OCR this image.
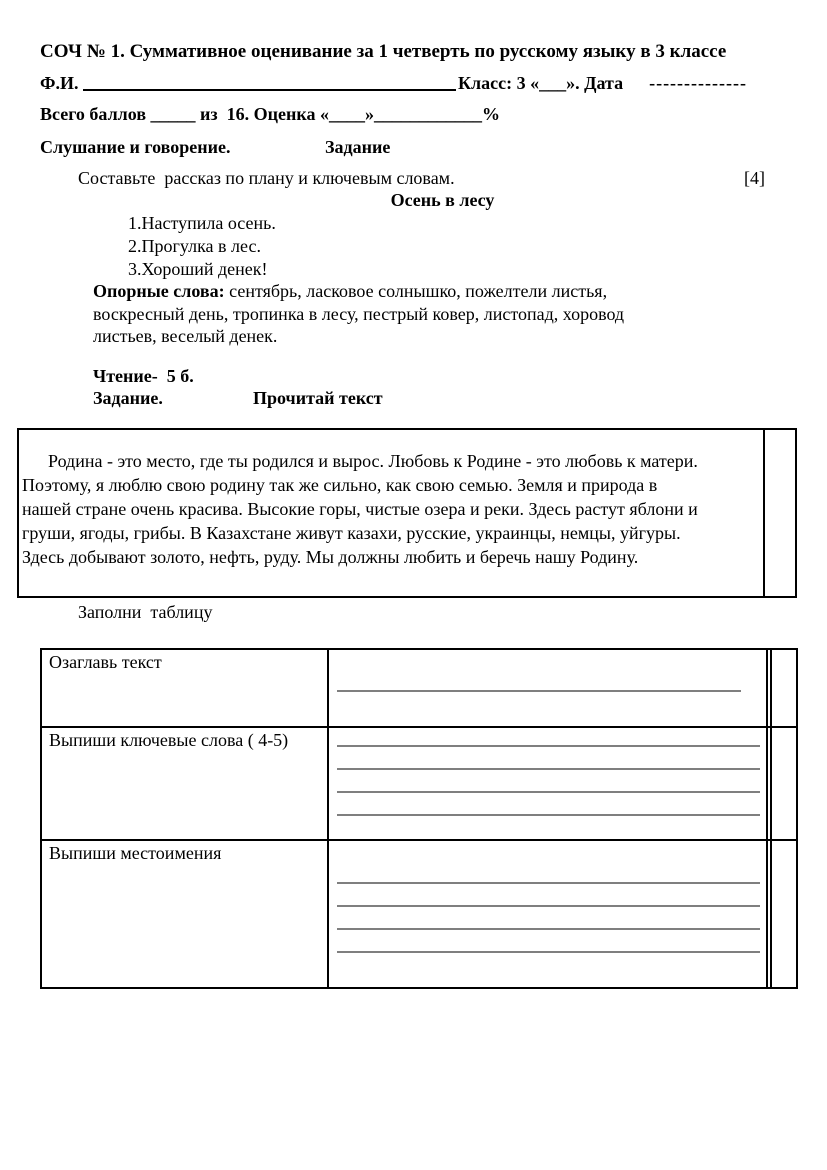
СОЧ № 1. Суммативное оценивание за 1 четверть по русскому языку в 3 классе
Ф.И.	Класс: 3 «___». Дата --------------
Всего баллов _____ из  16. Оценка «____»____________%
Слушание и говорение.	Задание
Составьте  рассказ по плану и ключевым словам.	[4]
Осень в лесу
1.Наступила осень.
2.Прогулка в лес.
3.Хороший денек!
Опорные слова: сентябрь, ласковое солнышко, пожелтели листья,
воскресный день, тропинка в лесу, пестрый ковер, листопад, хоровод
листьев, веселый денек.
Чтение-  5 б.
Задание.	Прочитай текст
Родина - это место, где ты родился и вырос. Любовь к Родине - это любовь к матери.
Поэтому, я люблю свою родину так же сильно, как свою семью. Земля и природа в
нашей стране очень красива. Высокие горы, чистые озера и реки. Здесь растут яблони и
груши, ягоды, грибы. В Казахстане живут казахи, русские, украинцы, немцы, уйгуры.
Здесь добывают золото, нефть, руду. Мы должны любить и беречь нашу Родину.
Заполни  таблицу
Озаглавь текст
Выпиши ключевые слова ( 4-5)
Выпиши местоимения
